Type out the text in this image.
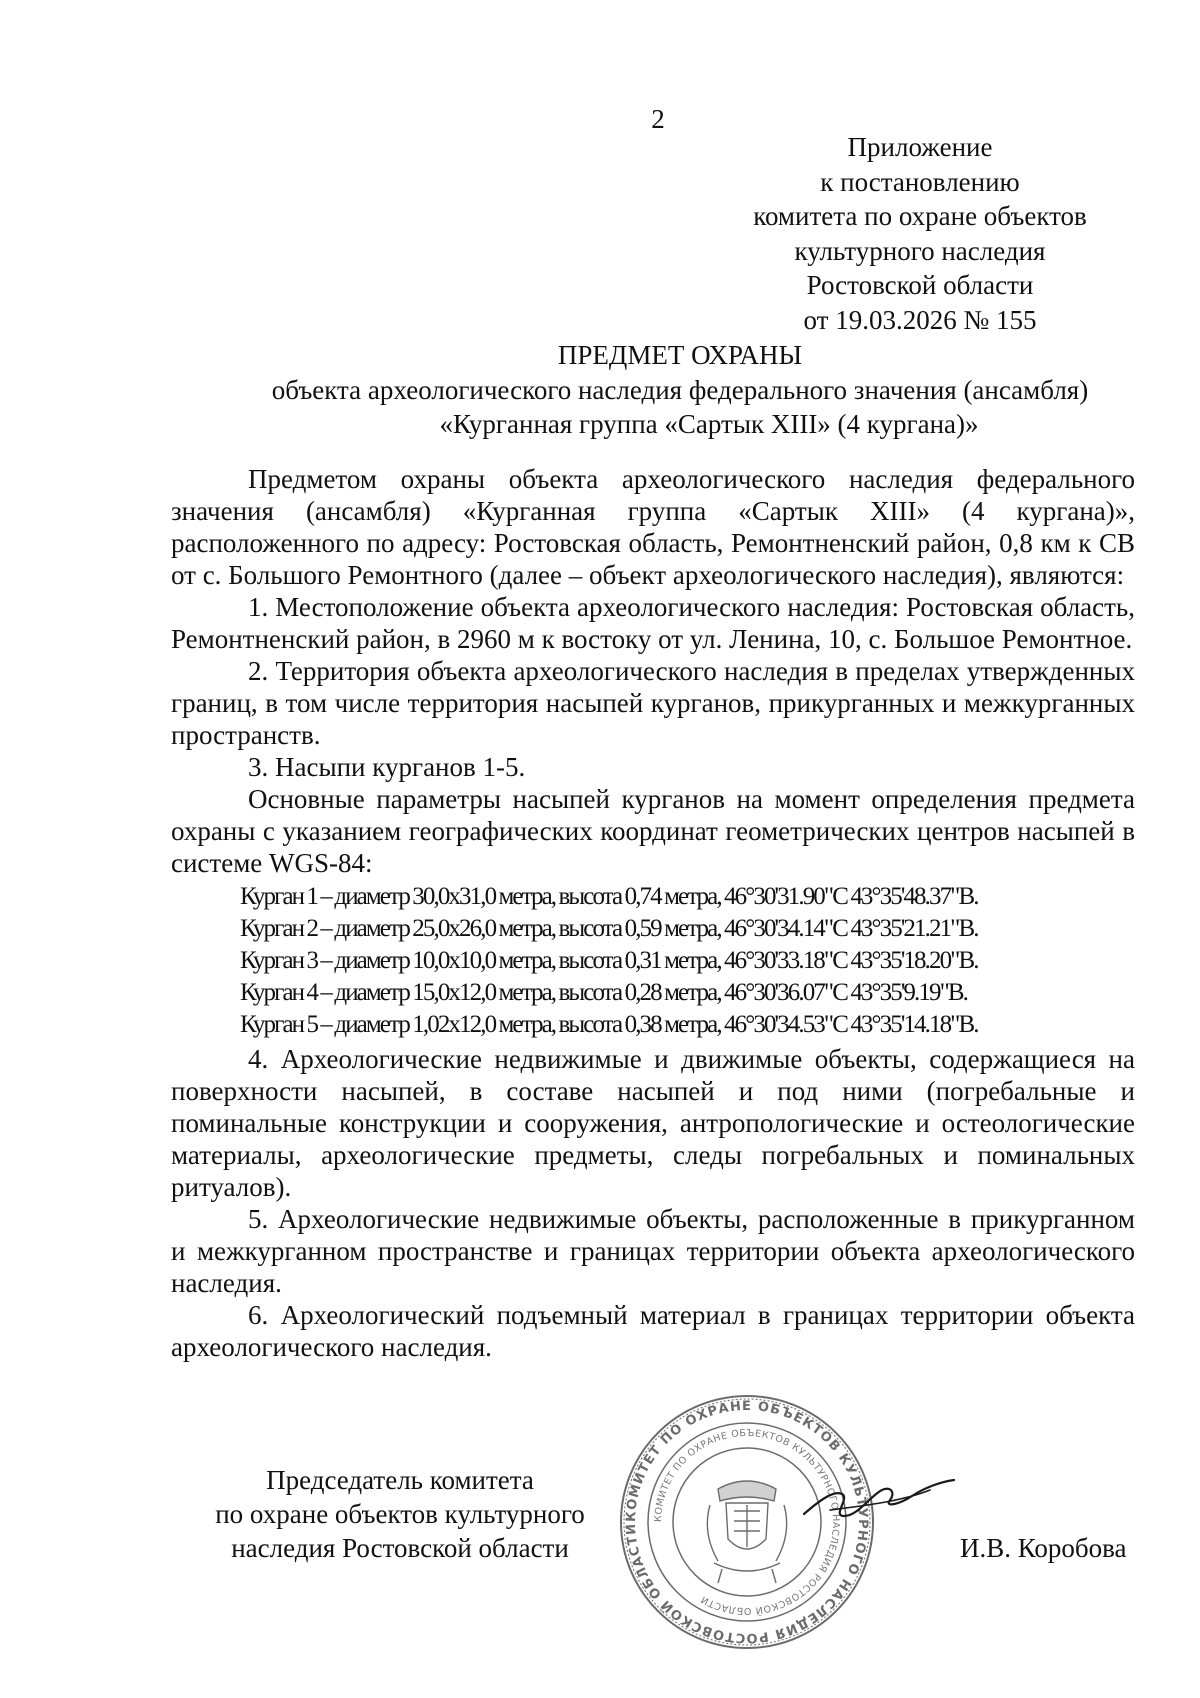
2
Приложение
к постановлению
комитета по охране объектов
культурного наследия
Ростовской области
от 19.03.2026 № 155
ПРЕДМЕТ ОХРАНЫ
объекта археологического наследия федерального значения (ансамбля)
«Курганная группа «Сартык XIII» (4 кургана)»

Предметом охраны объекта археологического наследия федерального значения (ансамбля) «Курганная группа «Сартык XIII» (4 кургана)», расположенного по адресу: Ростовская область, Ремонтненский район, 0,8 км к СВ от с. Большого Ремонтного (далее – объект археологического наследия), являются:

1. Местоположение объекта археологического наследия: Ростовская область, Ремонтненский район, в 2960 м к востоку от ул. Ленина, 10, с. Большое Ремонтное.

2. Территория объекта археологического наследия в пределах утвержденных границ, в том числе территория насыпей курганов, прикурганных и межкурганных пространств.

3. Насыпи курганов 1-5.

Основные параметры насыпей курганов на момент определения предмета охраны с указанием географических координат геометрических центров насыпей в системе WGS-84:

Курган 1 – диаметр 30,0x31,0 метра, высота 0,74 метра, 46°30'31.90"С 43°35'48.37"В.
Курган 2 – диаметр 25,0x26,0 метра, высота 0,59 метра, 46°30'34.14"С 43°35'21.21"В.
Курган 3 – диаметр 10,0x10,0 метра, высота 0,31 метра, 46°30'33.18"С 43°35'18.20"В.
Курган 4 – диаметр 15,0x12,0 метра, высота 0,28 метра, 46°30'36.07"С 43°35'9.19"В.
Курган 5 – диаметр 1,02x12,0 метра, высота 0,38 метра, 46°30'34.53"С 43°35'14.18"В.

4. Археологические недвижимые и движимые объекты, содержащиеся на поверхности насыпей, в составе насыпей и под ними (погребальные и поминальные конструкции и сооружения, антропологические и остеологические материалы, археологические предметы, следы погребальных и поминальных ритуалов).

5. Археологические недвижимые объекты, расположенные в прикурганном и межкурганном пространстве и границах территории объекта археологического наследия.

6. Археологический подъемный материал в границах территории объекта археологического наследия.

Председатель комитета
по охране объектов культурного
наследия Ростовской области
КОМИТЕТ ПО ОХРАНЕ ОБЪЕКТОВ КУЛЬТУРНОГО НАСЛЕДИЯ РОСТОВСКОЙ ОБЛАСТИ
КОМИТЕТ ПО ОХРАНЕ ОБЪЕКТОВ КУЛЬТУРНОГО НАСЛЕДИЯ РОСТОВСКОЙ ОБЛАСТИ
И.В. Коробова
